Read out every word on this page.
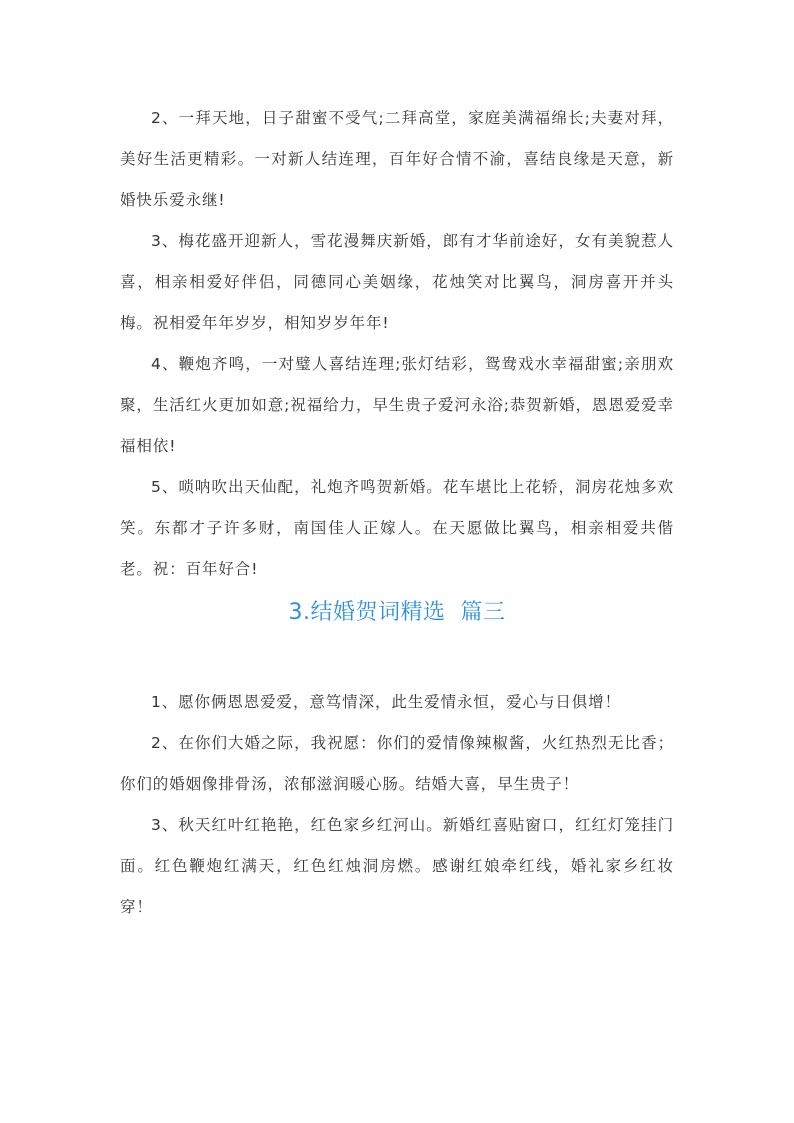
2、一拜天地，日子甜蜜不受气;二拜高堂，家庭美满福绵长;夫妻对拜，美好生活更精彩。一对新人结连理，百年好合情不渝，喜结良缘是天意，新婚快乐爱永继!

3、梅花盛开迎新人，雪花漫舞庆新婚，郎有才华前途好，女有美貌惹人喜，相亲相爱好伴侣，同德同心美姻缘，花烛笑对比翼鸟，洞房喜开并头梅。祝相爱年年岁岁，相知岁岁年年!

4、鞭炮齐鸣，一对璧人喜结连理;张灯结彩，鸳鸯戏水幸福甜蜜;亲朋欢聚，生活红火更加如意;祝福给力，早生贵子爱河永浴;恭贺新婚，恩恩爱爱幸福相依!

5、唢呐吹出天仙配，礼炮齐鸣贺新婚。花车堪比上花轿，洞房花烛多欢笑。东都才子许多财，南国佳人正嫁人。在天愿做比翼鸟，相亲相爱共偕老。祝：百年好合!

3.结婚贺词精选  篇三

1、愿你俩恩恩爱爱，意笃情深，此生爱情永恒，爱心与日俱增！

2、在你们大婚之际，我祝愿：你们的爱情像辣椒酱，火红热烈无比香；你们的婚姻像排骨汤，浓郁滋润暖心肠。结婚大喜，早生贵子！

3、秋天红叶红艳艳，红色家乡红河山。新婚红喜贴窗口，红红灯笼挂门面。红色鞭炮红满天，红色红烛洞房燃。感谢红娘牵红线，婚礼家乡红妆穿！
